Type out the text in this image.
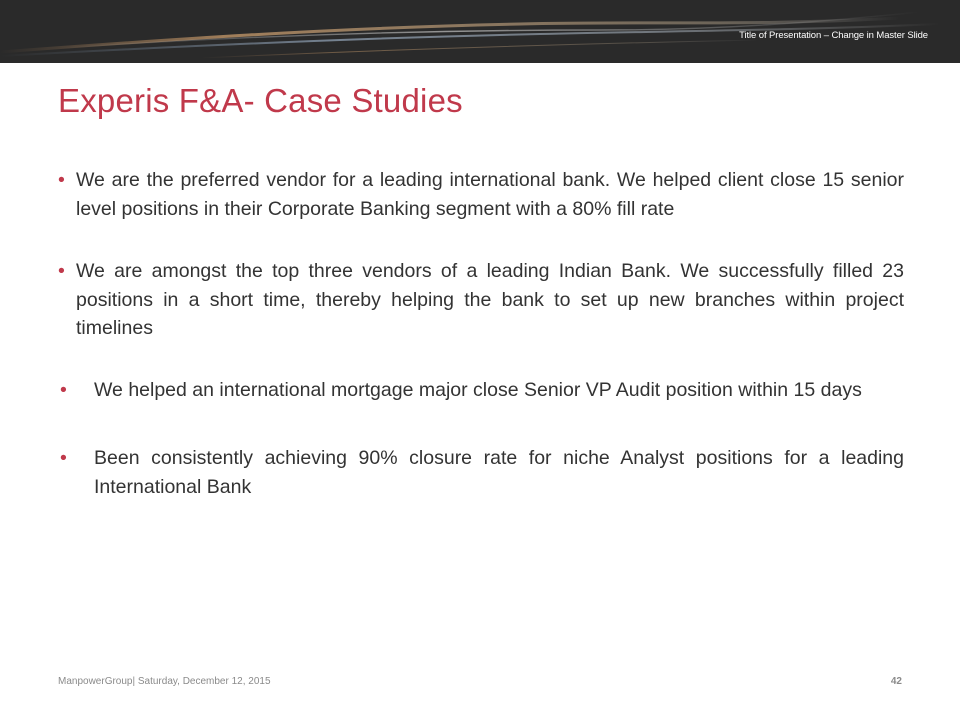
Title of Presentation – Change in Master Slide
Experis F&A- Case Studies
• We are the preferred vendor for a leading international bank. We helped client close 15 senior level positions in their Corporate Banking segment with a 80% fill rate
• We are amongst the top three vendors of a leading Indian Bank. We successfully filled 23 positions in a short time, thereby helping the bank to set up new branches within project timelines
• We helped an international mortgage major close Senior VP Audit position within 15 days
• Been consistently achieving 90% closure rate for niche Analyst positions for a leading International Bank
ManpowerGroup| Saturday, December 12, 2015	42
